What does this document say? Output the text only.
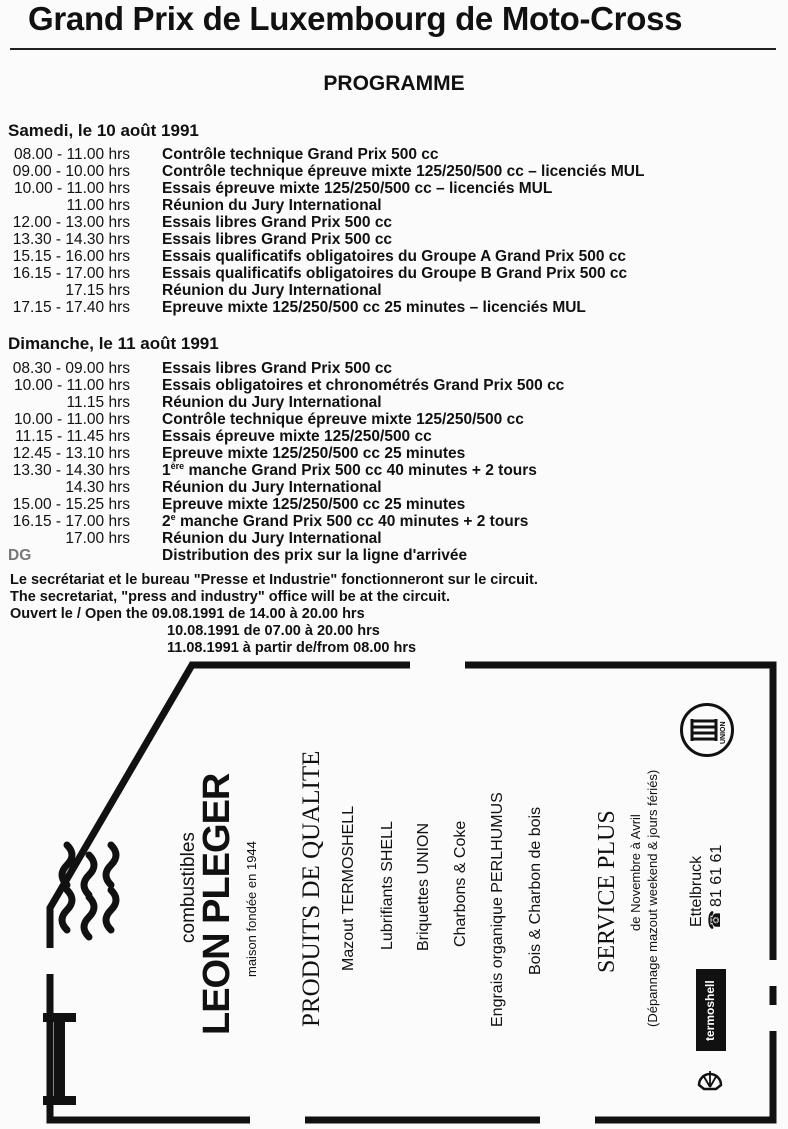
Grand Prix de Luxembourg de Moto-Cross
PROGRAMME
Samedi, le 10 août 1991
08.00 - 11.00 hrs Contrôle technique Grand Prix 500 cc
09.00 - 10.00 hrs Contrôle technique épreuve mixte 125/250/500 cc – licenciés MUL
10.00 - 11.00 hrs Essais épreuve mixte 125/250/500 cc – licenciés MUL
11.00 hrs Réunion du Jury International
12.00 - 13.00 hrs Essais libres Grand Prix 500 cc
13.30 - 14.30 hrs Essais libres Grand Prix 500 cc
15.15 - 16.00 hrs Essais qualificatifs obligatoires du Groupe A Grand Prix 500 cc
16.15 - 17.00 hrs Essais qualificatifs obligatoires du Groupe B Grand Prix 500 cc
17.15 hrs Réunion du Jury International
17.15 - 17.40 hrs Epreuve mixte 125/250/500 cc 25 minutes – licenciés MUL
Dimanche, le 11 août 1991
08.30 - 09.00 hrs Essais libres Grand Prix 500 cc
10.00 - 11.00 hrs Essais obligatoires et chronométrés Grand Prix 500 cc
11.15 hrs Réunion du Jury International
10.00 - 11.00 hrs Contrôle technique épreuve mixte 125/250/500 cc
11.15 - 11.45 hrs Essais épreuve mixte 125/250/500 cc
12.45 - 13.10 hrs Epreuve mixte 125/250/500 cc 25 minutes
13.30 - 14.30 hrs 1ère manche Grand Prix 500 cc 40 minutes + 2 tours
14.30 hrs Réunion du Jury International
15.00 - 15.25 hrs Epreuve mixte 125/250/500 cc 25 minutes
16.15 - 17.00 hrs 2e manche Grand Prix 500 cc 40 minutes + 2 tours
17.00 hrs Réunion du Jury International
DG	Distribution des prix sur la ligne d'arrivée
Le secrétariat et le bureau "Presse et Industrie" fonctionneront sur le circuit.
The secretariat, "press and industry" office will be at the circuit.
Ouvert le / Open the 09.08.1991 de 14.00 à 20.00 hrs
10.08.1991 de 07.00 à 20.00 hrs
11.08.1991 à partir de/from 08.00 hrs
combustibles
LEON PLEGER maison fondée en 1944 PRODUITS DE QUALITE Mazout TERMOSHELL Lubrifiants SHELL Briquettes UNION Charbons & Coke Engrais organique PERLHUMUS Bois & Charbon de bois SERVICE PLUS de Novembre à Avril (Dépannage mazout weekend & jours fériés) Ettelbruck 81 61 61
☎
UNION
termoshell
